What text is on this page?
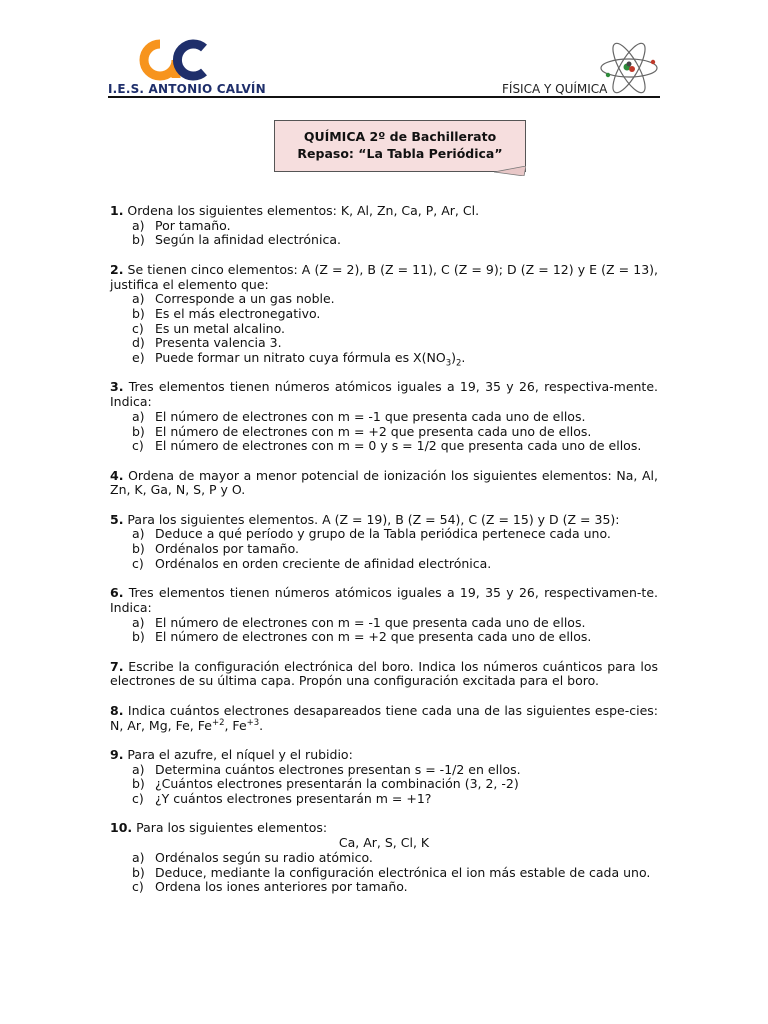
I.E.S. ANTONIO CALVÍN	FÍSICA Y QUÍMICA
QUÍMICA 2º de Bachillerato
Repaso: “La Tabla Periódica”
1. Ordena los siguientes elementos: K, Al, Zn, Ca, P, Ar, Cl.
a) Por tamaño.
b) Según la afinidad electrónica.
2. Se tienen cinco elementos: A (Z = 2), B (Z = 11), C (Z = 9); D (Z = 12) y E (Z = 13), justifica el elemento que:
a) Corresponde a un gas noble.
b) Es el más electronegativo.
c) Es un metal alcalino.
d) Presenta valencia 3.
e) Puede formar un nitrato cuya fórmula es $X(NO_3)_2$.
3. Tres elementos tienen números atómicos iguales a 19, 35 y 26, respectiva-mente. Indica:
a) El número de electrones con m = -1 que presenta cada uno de ellos.
b) El número de electrones con m = +2 que presenta cada uno de ellos.
c) El número de electrones con m = 0 y s = 1/2 que presenta cada uno de ellos.
4. Ordena de mayor a menor potencial de ionización los siguientes elementos: Na, Al, Zn, K, Ga, N, S, P y O.
5. Para los siguientes elementos. A (Z = 19), B (Z = 54), C (Z = 15) y D (Z = 35):
a) Deduce a qué período y grupo de la Tabla periódica pertenece cada uno.
b) Ordénalos por tamaño.
c) Ordénalos en orden creciente de afinidad electrónica.
6. Tres elementos tienen números atómicos iguales a 19, 35 y 26, respectivamen-te. Indica:
a) El número de electrones con m = -1 que presenta cada uno de ellos.
b) El número de electrones con m = +2 que presenta cada uno de ellos.
7. Escribe la configuración electrónica del boro. Indica los números cuánticos para los electrones de su última capa. Propón una configuración excitada para el boro.
8. Indica cuántos electrones desapareados tiene cada una de las siguientes espe-cies: N, Ar, Mg, Fe, $Fe^{+2}$, $Fe^{+3}$.
9. Para el azufre, el níquel y el rubidio:
a) Determina cuántos electrones presentan s = -1/2 en ellos.
b) ¿Cuántos electrones presentarán la combinación (3, 2, -2)
c) ¿Y cuántos electrones presentarán m = +1?
10. Para los siguientes elementos:
Ca, Ar, S, Cl, K
a) Ordénalos según su radio atómico.
b) Deduce, mediante la configuración electrónica el ion más estable de cada uno.
c) Ordena los iones anteriores por tamaño.
